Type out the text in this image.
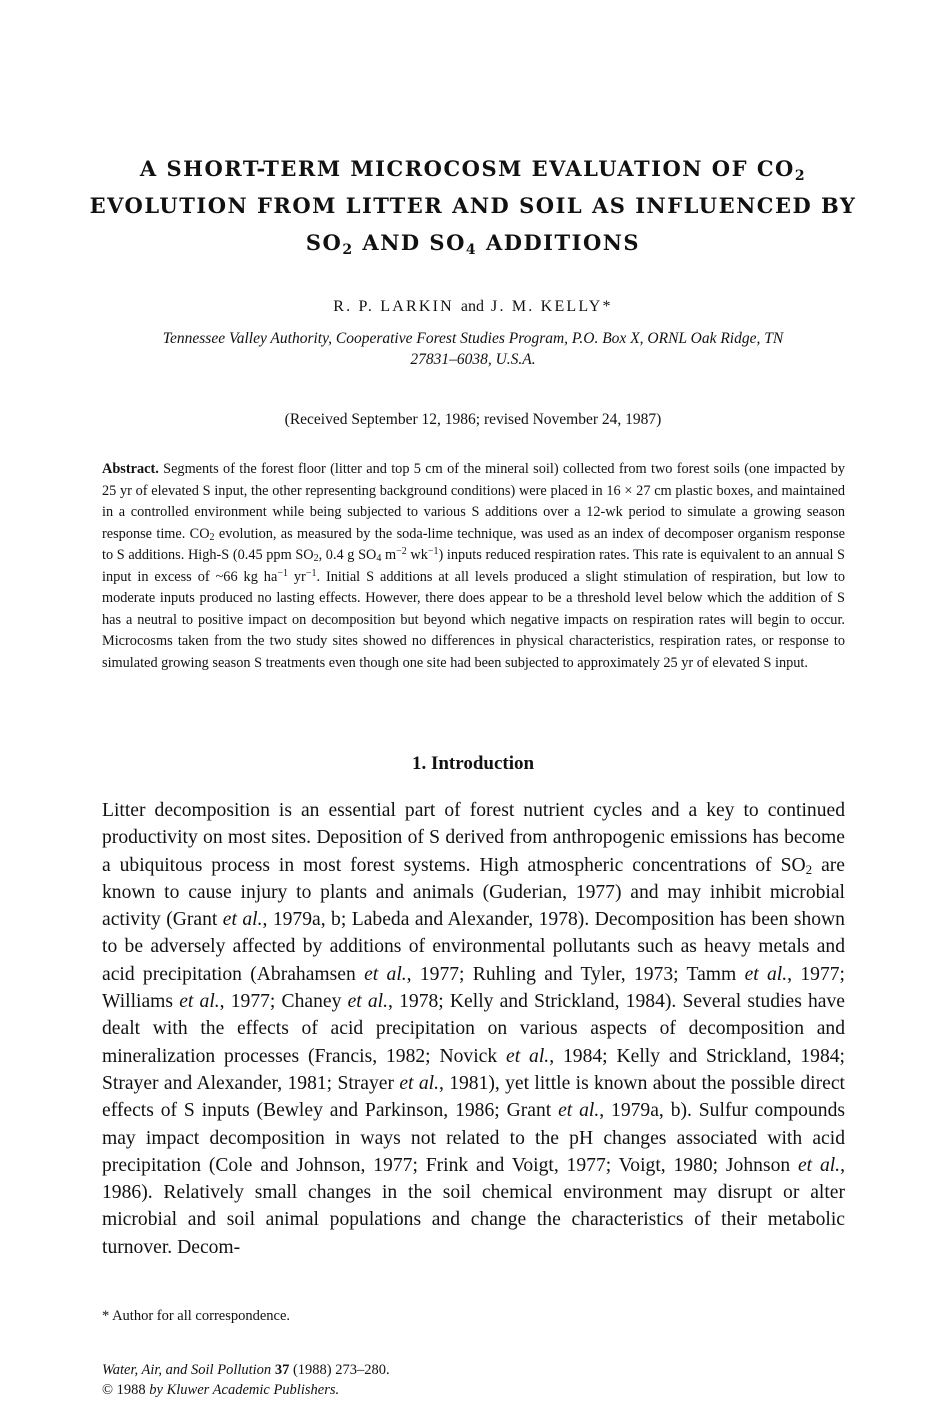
A SHORT-TERM MICROCOSM EVALUATION OF $CO_2$
EVOLUTION FROM LITTER AND SOIL AS INFLUENCED BY
$SO_2$ AND $SO_4$ ADDITIONS
R. P. LARKIN and J. M. KELLY*
Tennessee Valley Authority, Cooperative Forest Studies Program, P.O. Box X, ORNL Oak Ridge, TN
27831–6038, U.S.A.
(Received September 12, 1986; revised November 24, 1987)

Abstract. Segments of the forest floor (litter and top 5 cm of the mineral soil) collected from two forest soils (one impacted by 25 yr of elevated S input, the other representing background conditions) were placed in 16 × 27 cm plastic boxes, and maintained in a controlled environment while being subjected to various S additions over a 12-wk period to simulate a growing season response time. $CO_2$ evolution, as measured by the soda-lime technique, was used as an index of decomposer organism response to S additions. High-S (0.45 ppm $SO_2$, 0.4 g $SO_4$ $m^{-2}$ $wk^{-1}$) inputs reduced respiration rates. This rate is equivalent to an annual S input in excess of ~66 kg $ha^{-1}$ $yr^{-1}$. Initial S additions at all levels produced a slight stimulation of respiration, but low to moderate inputs produced no lasting effects. However, there does appear to be a threshold level below which the addition of S has a neutral to positive impact on decomposition but beyond which negative impacts on respiration rates will begin to occur. Microcosms taken from the two study sites showed no differences in physical characteristics, respiration rates, or response to simulated growing season S treatments even though one site had been subjected to approximately 25 yr of elevated S input.

1. Introduction

Litter decomposition is an essential part of forest nutrient cycles and a key to continued productivity on most sites. Deposition of S derived from anthropogenic emissions has become a ubiquitous process in most forest systems. High atmospheric concentrations of $SO_2$ are known to cause injury to plants and animals (Guderian, 1977) and may inhibit microbial activity (Grant et al., 1979a, b; Labeda and Alexander, 1978). Decomposition has been shown to be adversely affected by additions of environmental pollutants such as heavy metals and acid precipitation (Abrahamsen et al., 1977; Ruhling and Tyler, 1973; Tamm et al., 1977; Williams et al., 1977; Chaney et al., 1978; Kelly and Strickland, 1984). Several studies have dealt with the effects of acid precipitation on various aspects of decomposition and mineralization processes (Francis, 1982; Novick et al., 1984; Kelly and Strickland, 1984; Strayer and Alexander, 1981; Strayer et al., 1981), yet little is known about the possible direct effects of S inputs (Bewley and Parkinson, 1986; Grant et al., 1979a, b). Sulfur compounds may impact decomposition in ways not related to the pH changes associated with acid precipitation (Cole and Johnson, 1977; Frink and Voigt, 1977; Voigt, 1980; Johnson et al., 1986). Relatively small changes in the soil chemical environment may disrupt or alter microbial and soil animal populations and change the characteristics of their metabolic turnover. Decom-

* Author for all correspondence.
Water, Air, and Soil Pollution 37 (1988) 273–280.
© 1988 by Kluwer Academic Publishers.
